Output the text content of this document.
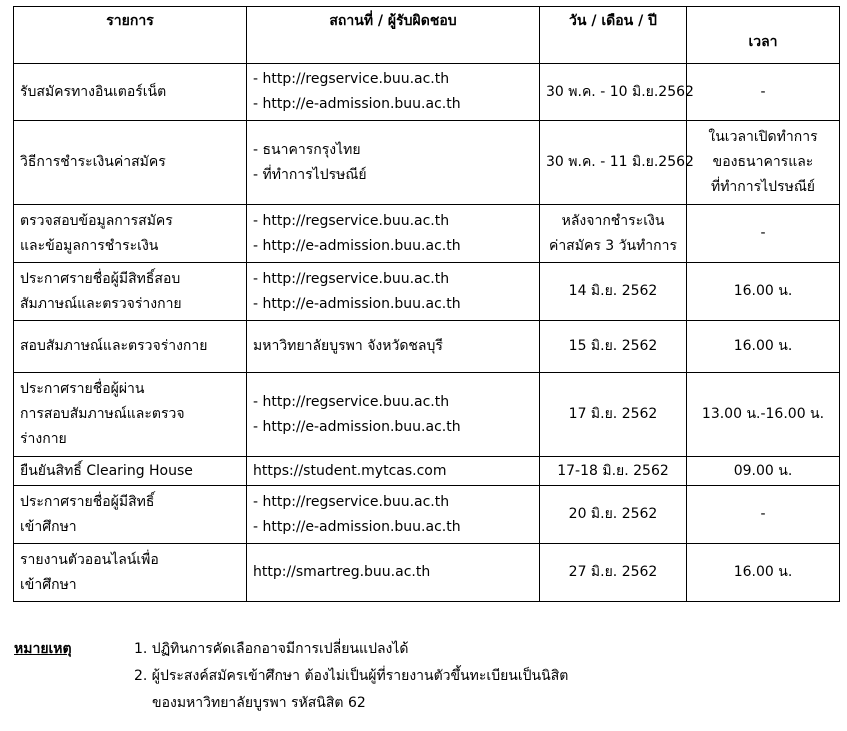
รายการ	สถานที่ / ผู้รับผิดชอบ	วัน / เดือน / ปี	เวลา

รับสมัครทางอินเตอร์เน็ต	- http://regservice.buu.ac.th
- http://e-admission.buu.ac.th	30 พ.ค. - 10 มิ.ย.2562	-

วิธีการชำระเงินค่าสมัคร	- ธนาคารกรุงไทย
- ที่ทำการไปรษณีย์	30 พ.ค. - 11 มิ.ย.2562	ในเวลาเปิดทำการ
ของธนาคารและ
ที่ทำการไปรษณีย์

ตรวจสอบข้อมูลการสมัคร
และข้อมูลการชำระเงิน	- http://regservice.buu.ac.th
- http://e-admission.buu.ac.th	หลังจากชำระเงิน
ค่าสมัคร 3 วันทำการ	-

ประกาศรายชื่อผู้มีสิทธิ์สอบ
สัมภาษณ์และตรวจร่างกาย	- http://regservice.buu.ac.th
- http://e-admission.buu.ac.th	14 มิ.ย. 2562	16.00 น.

สอบสัมภาษณ์และตรวจร่างกาย	มหาวิทยาลัยบูรพา จังหวัดชลบุรี	15 มิ.ย. 2562	16.00 น.

ประกาศรายชื่อผู้ผ่าน
การสอบสัมภาษณ์และตรวจ
ร่างกาย	- http://regservice.buu.ac.th
- http://e-admission.buu.ac.th	17 มิ.ย. 2562	13.00 น.-16.00 น.

ยืนยันสิทธิ์ Clearing House	https://student.mytcas.com	17-18 มิ.ย. 2562	09.00 น.

ประกาศรายชื่อผู้มีสิทธิ์
เข้าศึกษา	- http://regservice.buu.ac.th
- http://e-admission.buu.ac.th	20 มิ.ย. 2562	-

รายงานตัวออนไลน์เพื่อ
เข้าศึกษา	http://smartreg.buu.ac.th	27 มิ.ย. 2562	16.00 น.
หมายเหตุ	1. ปฏิทินการคัดเลือกอาจมีการเปลี่ยนแปลงได้
2. ผู้ประสงค์สมัครเข้าศึกษา ต้องไม่เป็นผู้ที่รายงานตัวขึ้นทะเบียนเป็นนิสิต
ของมหาวิทยาลัยบูรพา รหัสนิสิต 62
